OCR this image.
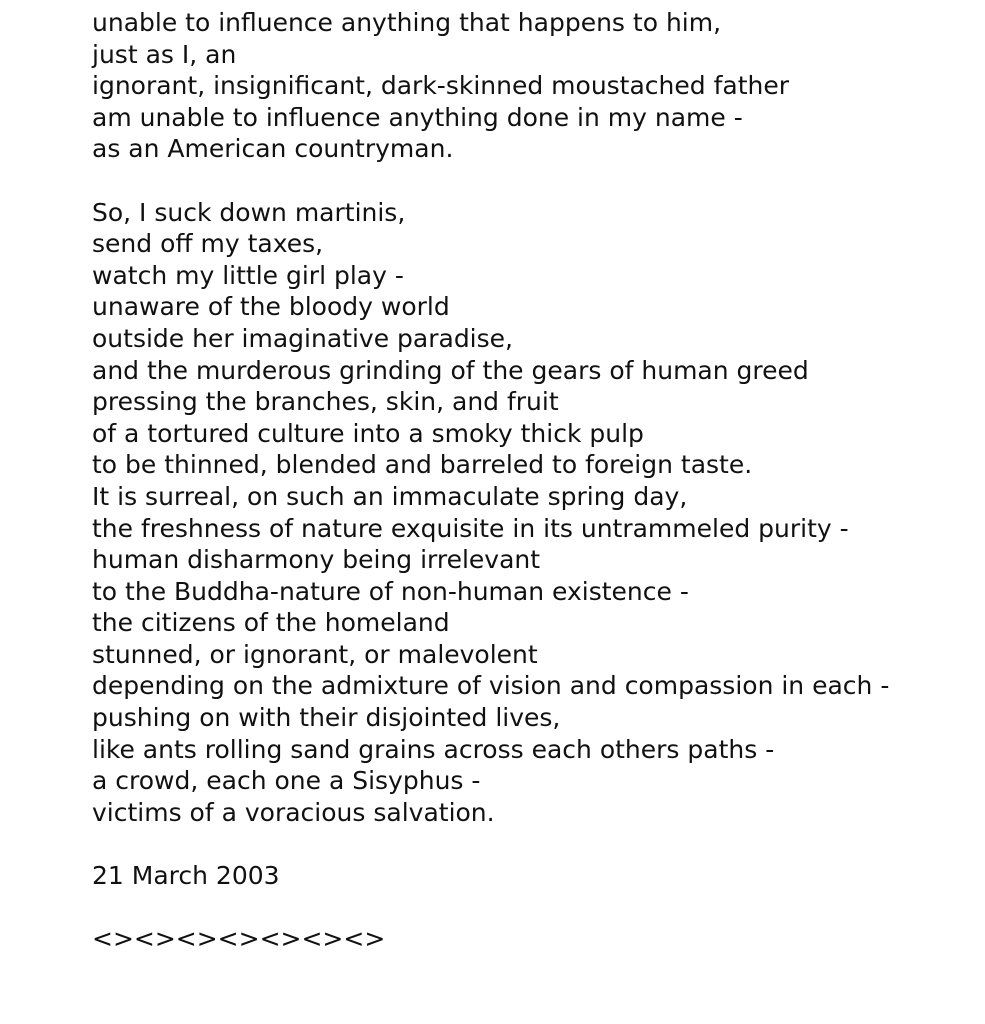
unable to influence anything that happens to him,
just as I, an
ignorant, insignificant, dark-skinned moustached father
am unable to influence anything done in my name -
as an American countryman.
So, I suck down martinis,
send off my taxes,
watch my little girl play -
unaware of the bloody world
outside her imaginative paradise,
and the murderous grinding of the gears of human greed
pressing the branches, skin, and fruit
of a tortured culture into a smoky thick pulp
to be thinned, blended and barreled to foreign taste.
It is surreal, on such an immaculate spring day,
the freshness of nature exquisite in its untrammeled purity -
human disharmony being irrelevant
to the Buddha-nature of non-human existence -
the citizens of the homeland
stunned, or ignorant, or malevolent
depending on the admixture of vision and compassion in each -
pushing on with their disjointed lives,
like ants rolling sand grains across each others paths -
a crowd, each one a Sisyphus -
victims of a voracious salvation.
21 March 2003
<><><><><><><>
